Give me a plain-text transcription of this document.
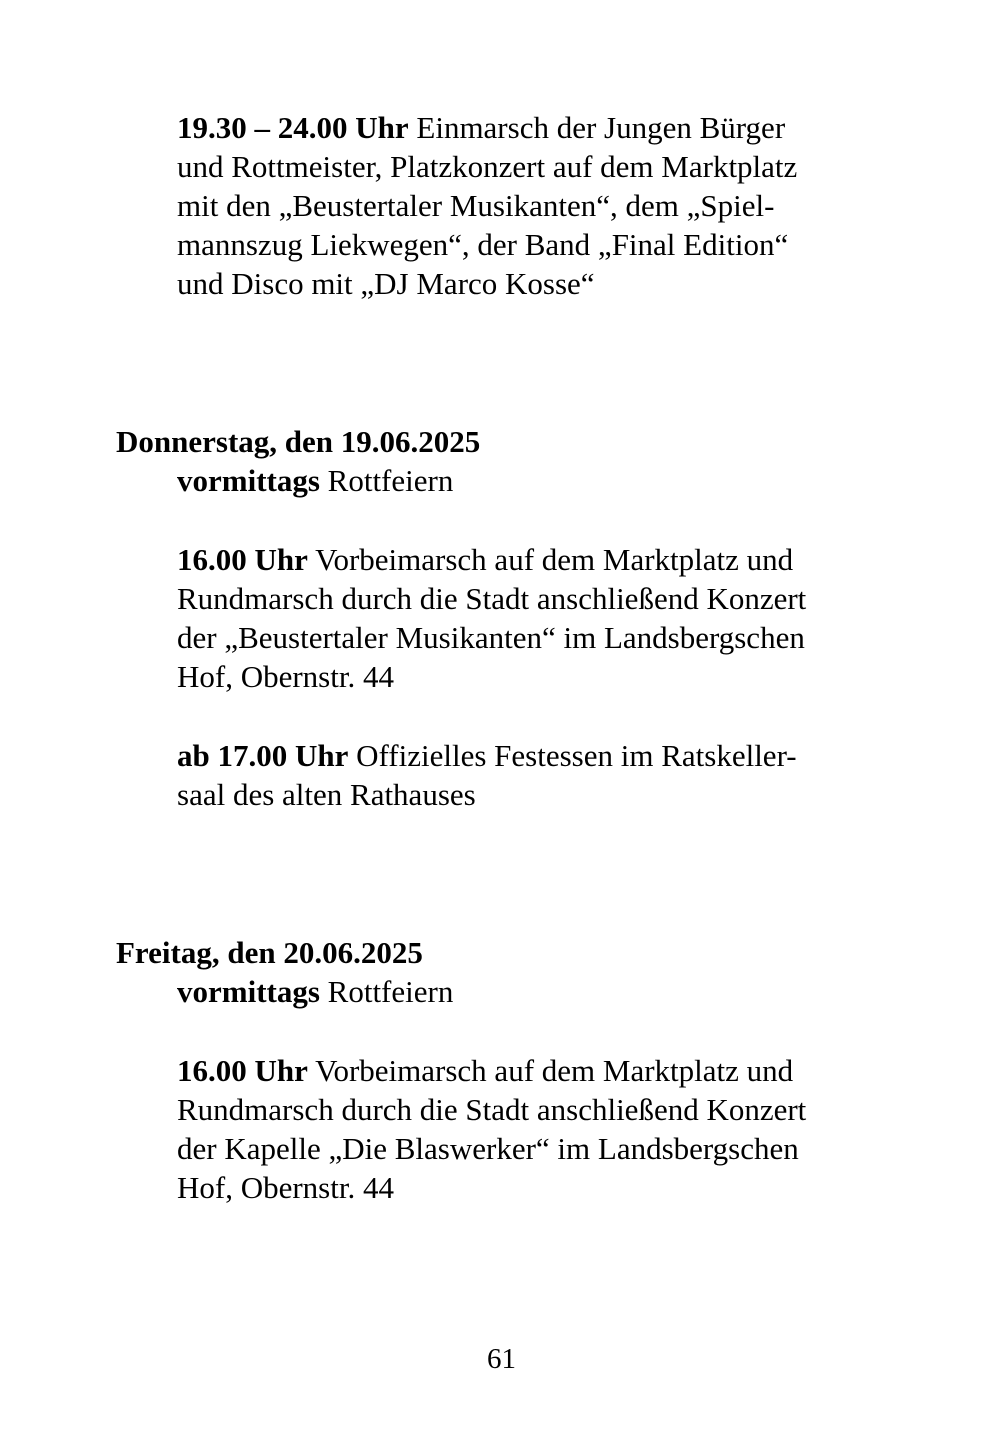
19.30 – 24.00 Uhr Einmarsch der Jungen Bürger
und Rottmeister, Platzkonzert auf dem Marktplatz
mit den „Beustertaler Musikanten“, dem „Spiel-
mannszug Liekwegen“, der Band „Final Edition“
und Disco mit „DJ Marco Kosse“
Donnerstag, den 19.06.2025
vormittags Rottfeiern
16.00 Uhr Vorbeimarsch auf dem Marktplatz und
Rundmarsch durch die Stadt anschließend Konzert
der „Beustertaler Musikanten“ im Landsbergschen
Hof, Obernstr. 44
ab 17.00 Uhr Offizielles Festessen im Ratskeller-
saal des alten Rathauses
Freitag, den 20.06.2025
vormittags Rottfeiern
16.00 Uhr Vorbeimarsch auf dem Marktplatz und
Rundmarsch durch die Stadt anschließend Konzert
der Kapelle „Die Blaswerker“ im Landsbergschen
Hof, Obernstr. 44
61
